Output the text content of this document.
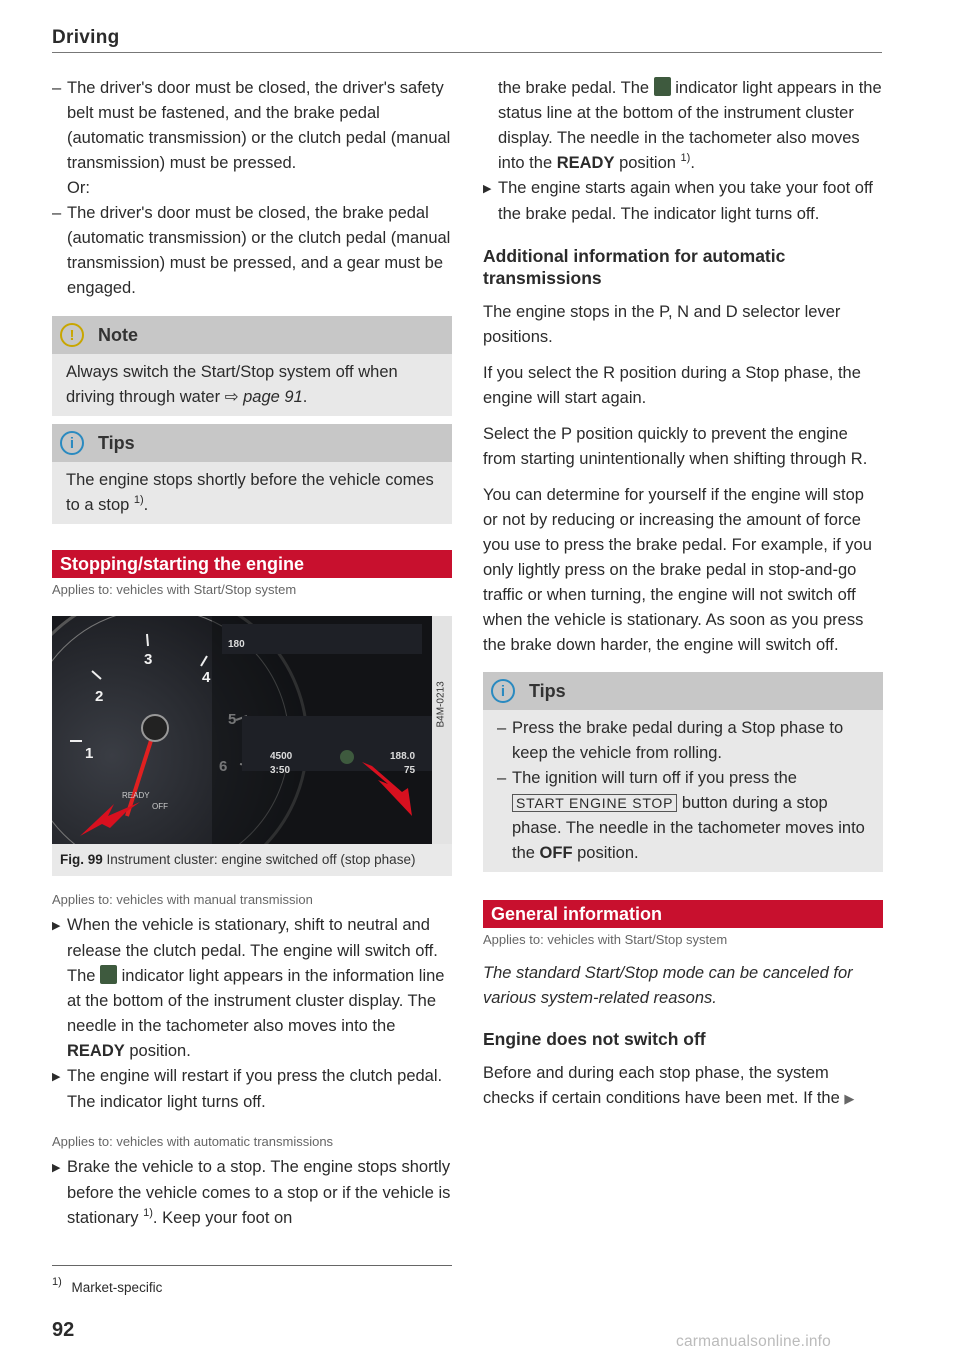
Driving

– The driver's door must be closed, the driver's safety belt must be fastened, and the brake pedal (automatic transmission) or the clutch pedal (manual transmission) must be pressed.

Or:

– The driver's door must be closed, the brake pedal (automatic transmission) or the clutch pedal (manual transmission) must be pressed, and a gear must be engaged.

!	Note
Always switch the Start/Stop system off when driving through water ⇨ page 91.
i	Tips
The engine stops shortly before the vehicle comes to a stop $^{1)}$.
Stopping/starting the engine
Applies to: vehicles with Start/Stop system
3
4
2
1
READY
OFF
180
4500
3:50
188.0
75
B4M-0213
Fig. 99 Instrument cluster: engine switched off (stop phase)
Applies to: vehicles with manual transmission

▶ When the vehicle is stationary, shift to neutral and release the clutch pedal. The engine will switch off. The indicator light appears in the information line at the bottom of the instrument cluster display. The needle in the tachometer also moves into the READY position.

▶ The engine will restart if you press the clutch pedal. The indicator light turns off.

Applies to: vehicles with automatic transmissions

▶ Brake the vehicle to a stop. The engine stops shortly before the vehicle comes to a stop or if the vehicle is stationary $^{1)}$. Keep your foot on

$^{1)}$ Market-specific
92

the brake pedal. The indicator light appears in the status line at the bottom of the instrument cluster display. The needle in the tachometer also moves into the READY position $^{1)}$.

▶ The engine starts again when you take your foot off the brake pedal. The indicator light turns off.

Additional information for automatic transmissions

The engine stops in the P, N and D selector lever positions.

If you select the R position during a Stop phase, the engine will start again.

Select the P position quickly to prevent the engine from starting unintentionally when shifting through R.

You can determine for yourself if the engine will stop or not by reducing or increasing the amount of force you use to press the brake pedal. For example, if you only lightly press on the brake pedal in stop-and-go traffic or when turning, the engine will not switch off when the vehicle is stationary. As soon as you press the brake down harder, the engine will switch off.

i	Tips

– Press the brake pedal during a Stop phase to keep the vehicle from rolling.

– The ignition will turn off if you press the START ENGINE STOP button during a stop phase. The needle in the tachometer moves into the OFF position.

General information
Applies to: vehicles with Start/Stop system

The standard Start/Stop mode can be canceled for various system-related reasons.

Engine does not switch off

Before and during each stop phase, the system checks if certain conditions have been met. If the ▶

carmanualsonline.info
